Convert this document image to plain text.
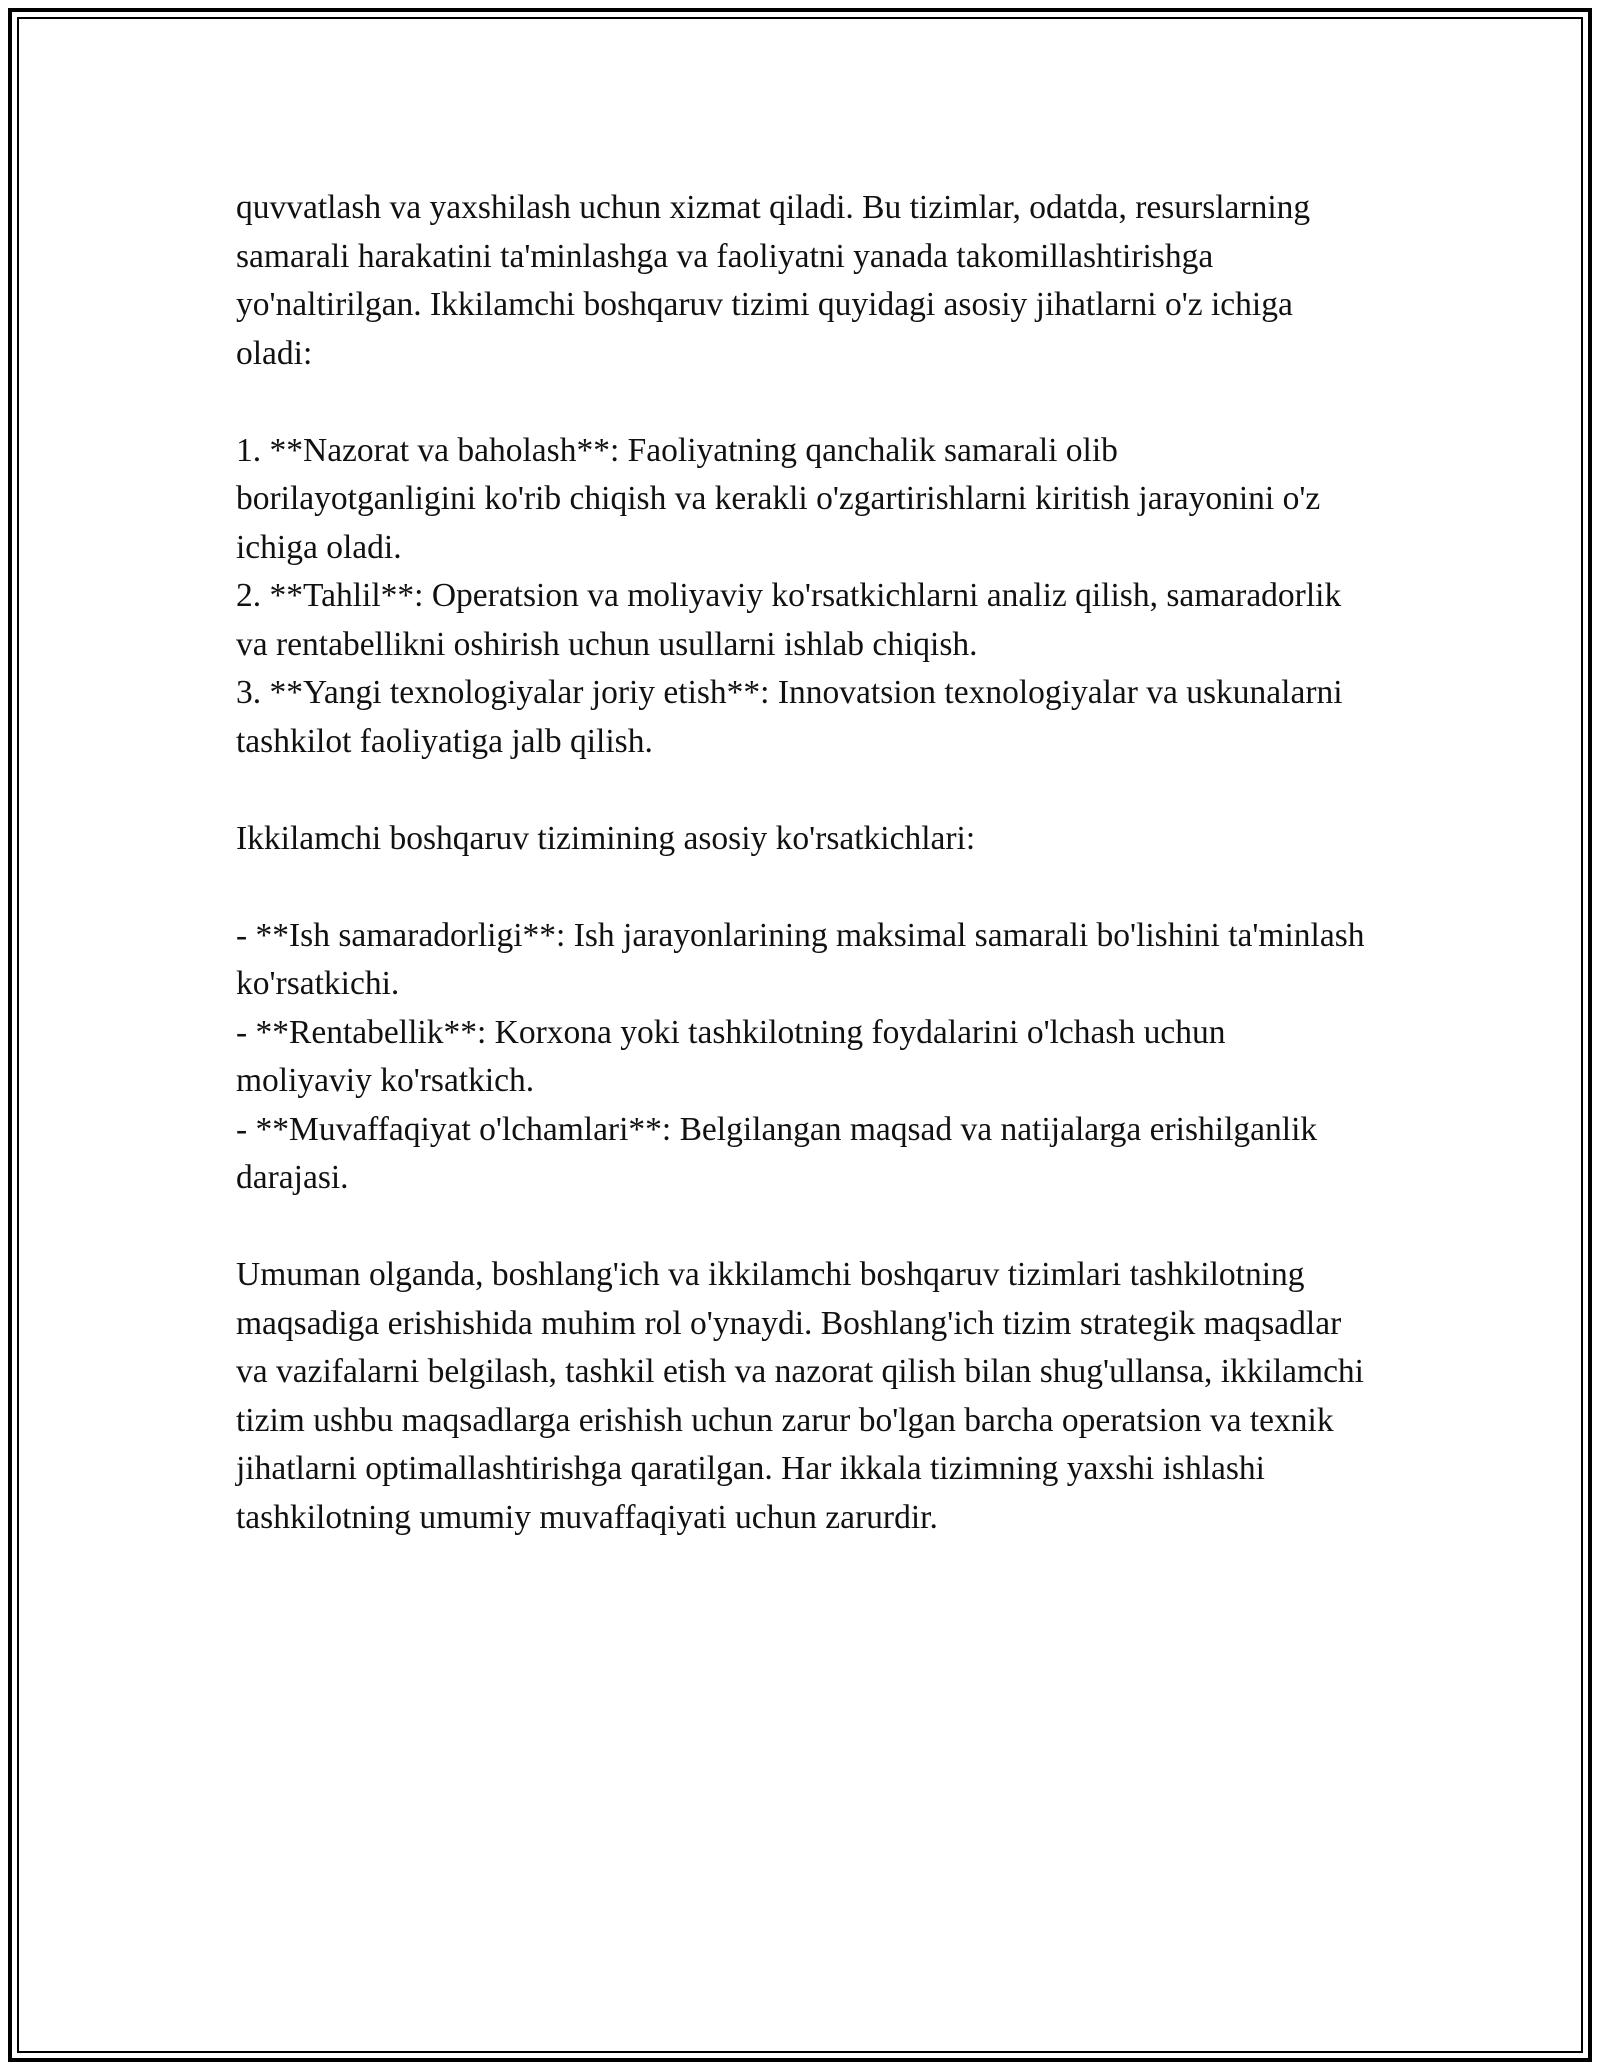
quvvatlash va yaxshilash uchun xizmat qiladi. Bu tizimlar, odatda, resurslarning samarali harakatini ta'minlashga va faoliyatni yanada takomillashtirishga yo'naltirilgan. Ikkilamchi boshqaruv tizimi quyidagi asosiy jihatlarni o'z ichiga oladi:

1. **Nazorat va baholash**: Faoliyatning qanchalik samarali olib borilayotganligini ko'rib chiqish va kerakli o'zgartirishlarni kiritish jarayonini o'z ichiga oladi.

2. **Tahlil**: Operatsion va moliyaviy ko'rsatkichlarni analiz qilish, samaradorlik va rentabellikni oshirish uchun usullarni ishlab chiqish.

3. **Yangi texnologiyalar joriy etish**: Innovatsion texnologiyalar va uskunalarni tashkilot faoliyatiga jalb qilish.

Ikkilamchi boshqaruv tizimining asosiy ko'rsatkichlari:

- **Ish samaradorligi**: Ish jarayonlarining maksimal samarali bo'lishini ta'minlash ko'rsatkichi.

- **Rentabellik**: Korxona yoki tashkilotning foydalarini o'lchash uchun moliyaviy ko'rsatkich.

- **Muvaffaqiyat o'lchamlari**: Belgilangan maqsad va natijalarga erishilganlik darajasi.

Umuman olganda, boshlang'ich va ikkilamchi boshqaruv tizimlari tashkilotning maqsadiga erishishida muhim rol o'ynaydi. Boshlang'ich tizim strategik maqsadlar va vazifalarni belgilash, tashkil etish va nazorat qilish bilan shug'ullansa, ikkilamchi tizim ushbu maqsadlarga erishish uchun zarur bo'lgan barcha operatsion va texnik jihatlarni optimallashtirishga qaratilgan. Har ikkala tizimning yaxshi ishlashi tashkilotning umumiy muvaffaqiyati uchun zarurdir.
